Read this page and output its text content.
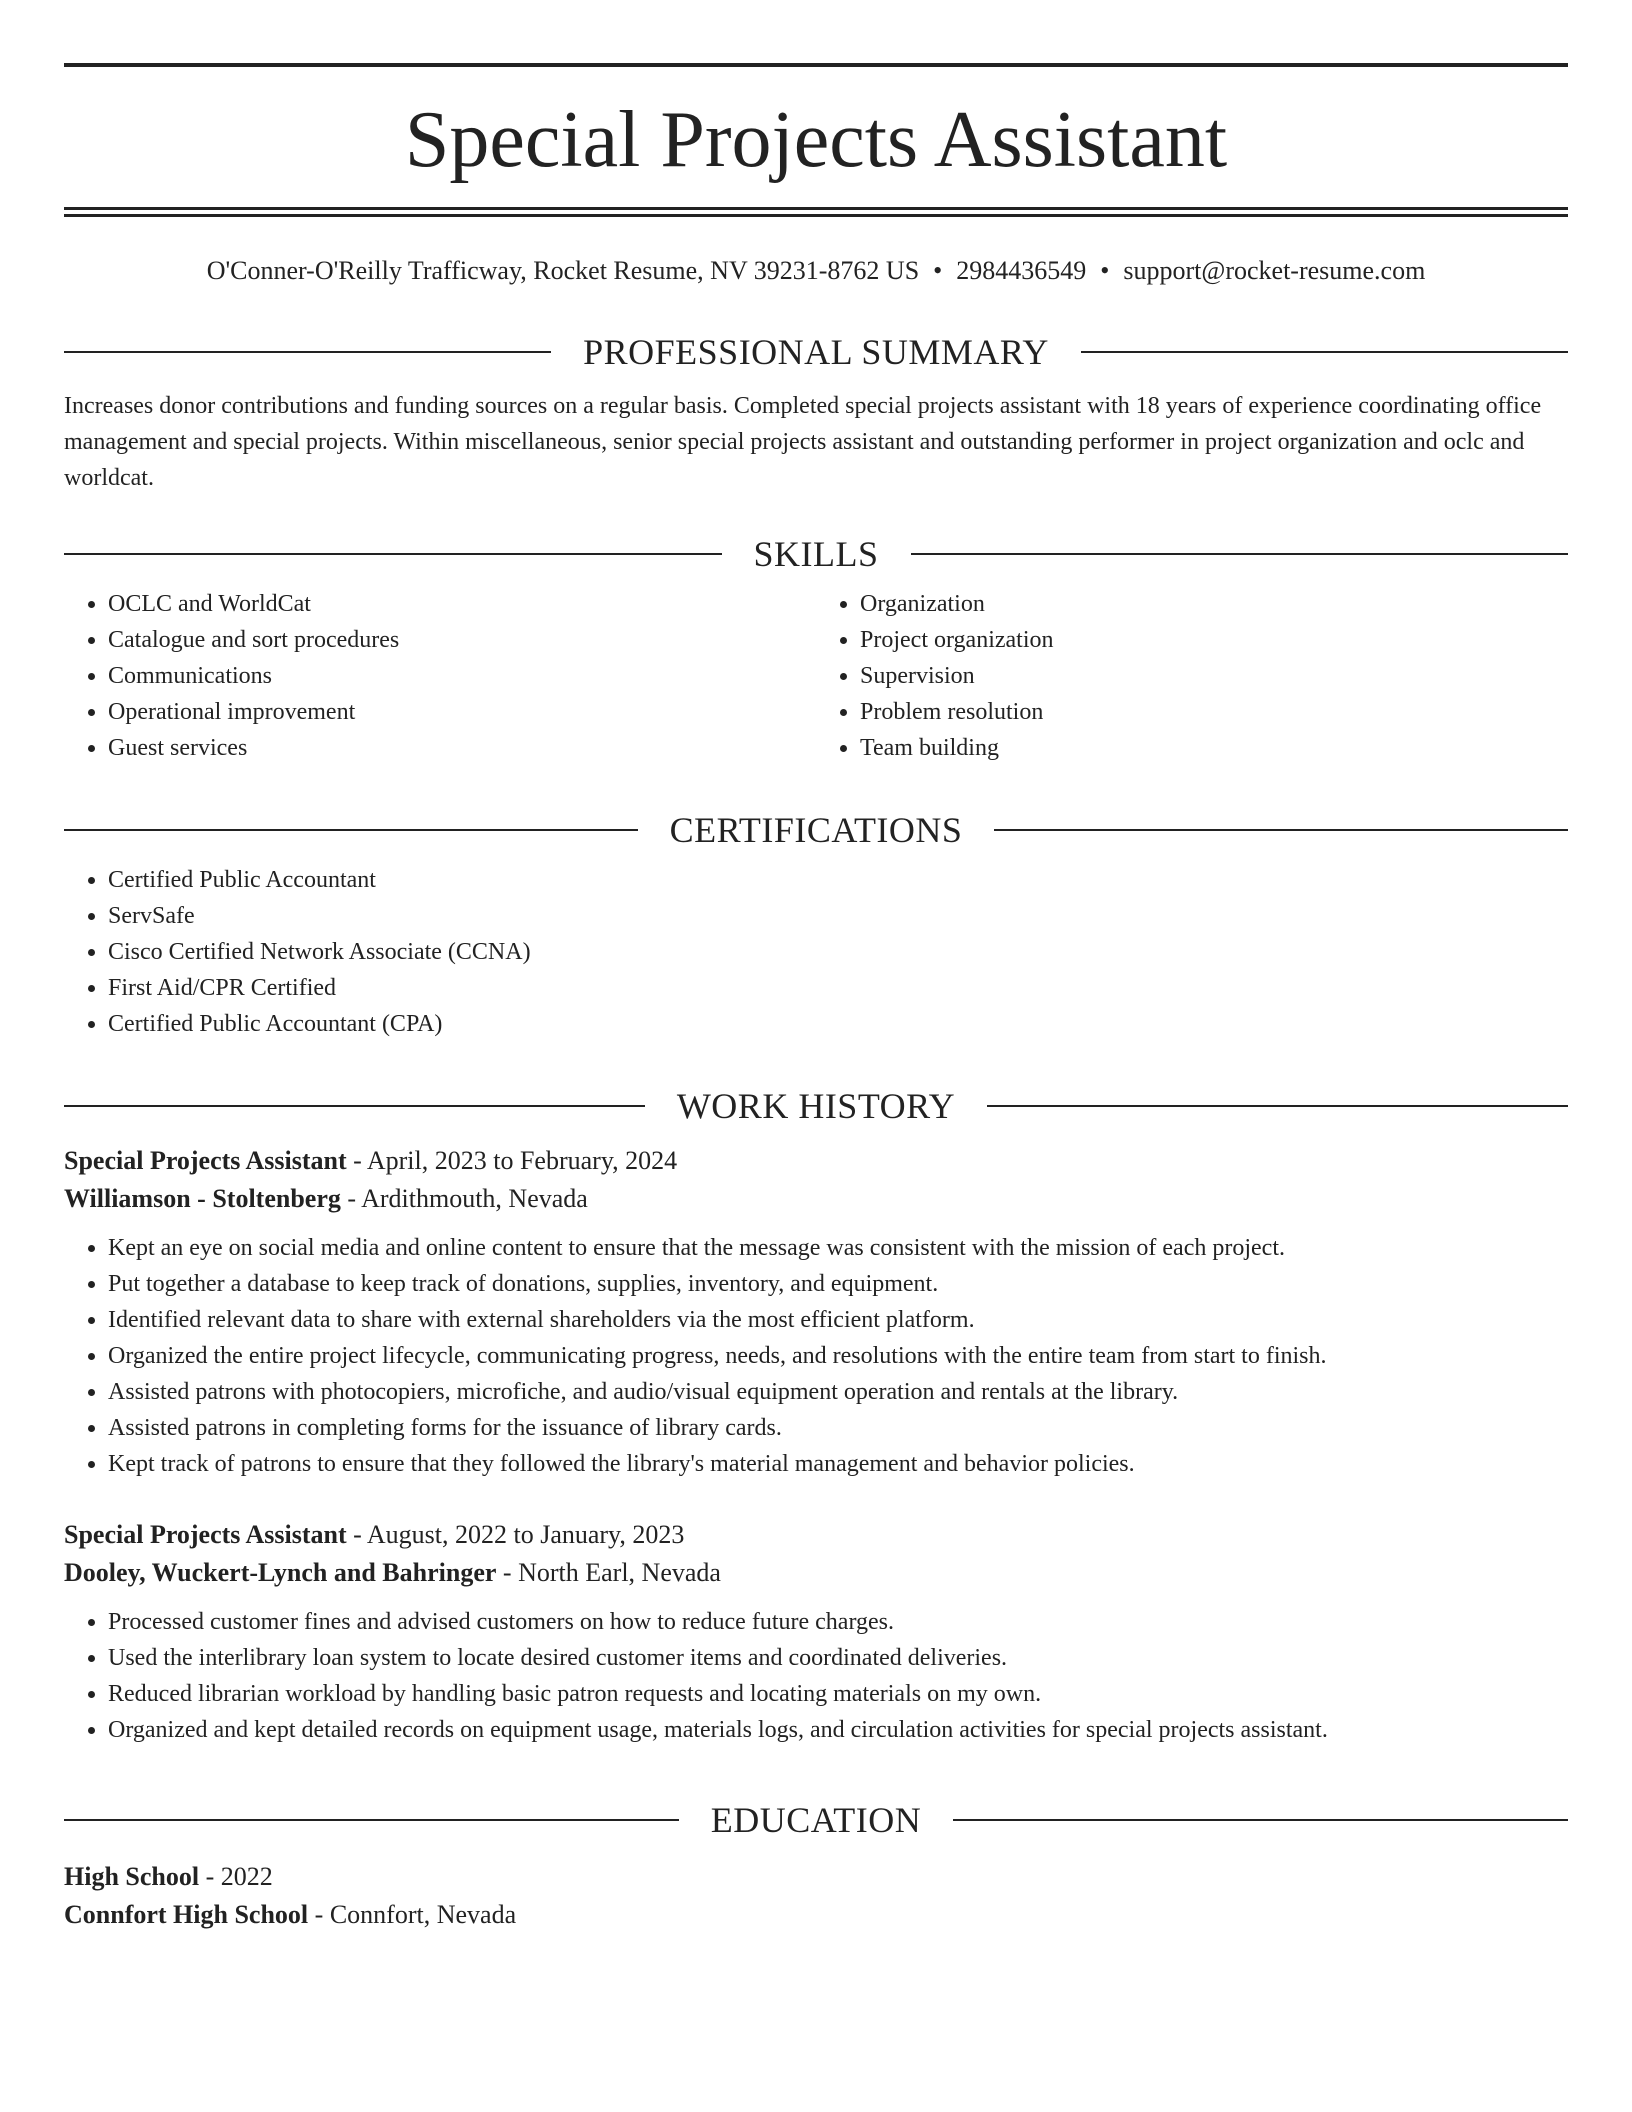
Special Projects Assistant
O'Conner-O'Reilly Trafficway, Rocket Resume, NV 39231-8762 US • 2984436549 • support@rocket-resume.com
PROFESSIONAL SUMMARY

Increases donor contributions and funding sources on a regular basis. Completed special projects assistant with 18 years of experience coordinating office management and special projects. Within miscellaneous, senior special projects assistant and outstanding performer in project organization and oclc and worldcat.

SKILLS
• OCLC and WorldCat
• Catalogue and sort procedures
• Communications
• Operational improvement
• Guest services
• Organization
• Project organization
• Supervision
• Problem resolution
• Team building
CERTIFICATIONS
• Certified Public Accountant
• ServSafe
• Cisco Certified Network Associate (CCNA)
• First Aid/CPR Certified
• Certified Public Accountant (CPA)
WORK HISTORY

Special Projects Assistant - April, 2023 to February, 2024

Williamson - Stoltenberg - Ardithmouth, Nevada

• Kept an eye on social media and online content to ensure that the message was consistent with the mission of each project.
• Put together a database to keep track of donations, supplies, inventory, and equipment.
• Identified relevant data to share with external shareholders via the most efficient platform.
• Organized the entire project lifecycle, communicating progress, needs, and resolutions with the entire team from start to finish.
• Assisted patrons with photocopiers, microfiche, and audio/visual equipment operation and rentals at the library.
• Assisted patrons in completing forms for the issuance of library cards.
• Kept track of patrons to ensure that they followed the library's material management and behavior policies.

Special Projects Assistant - August, 2022 to January, 2023

Dooley, Wuckert-Lynch and Bahringer - North Earl, Nevada

• Processed customer fines and advised customers on how to reduce future charges.
• Used the interlibrary loan system to locate desired customer items and coordinated deliveries.
• Reduced librarian workload by handling basic patron requests and locating materials on my own.
• Organized and kept detailed records on equipment usage, materials logs, and circulation activities for special projects assistant.
EDUCATION

High School - 2022

Connfort High School - Connfort, Nevada
